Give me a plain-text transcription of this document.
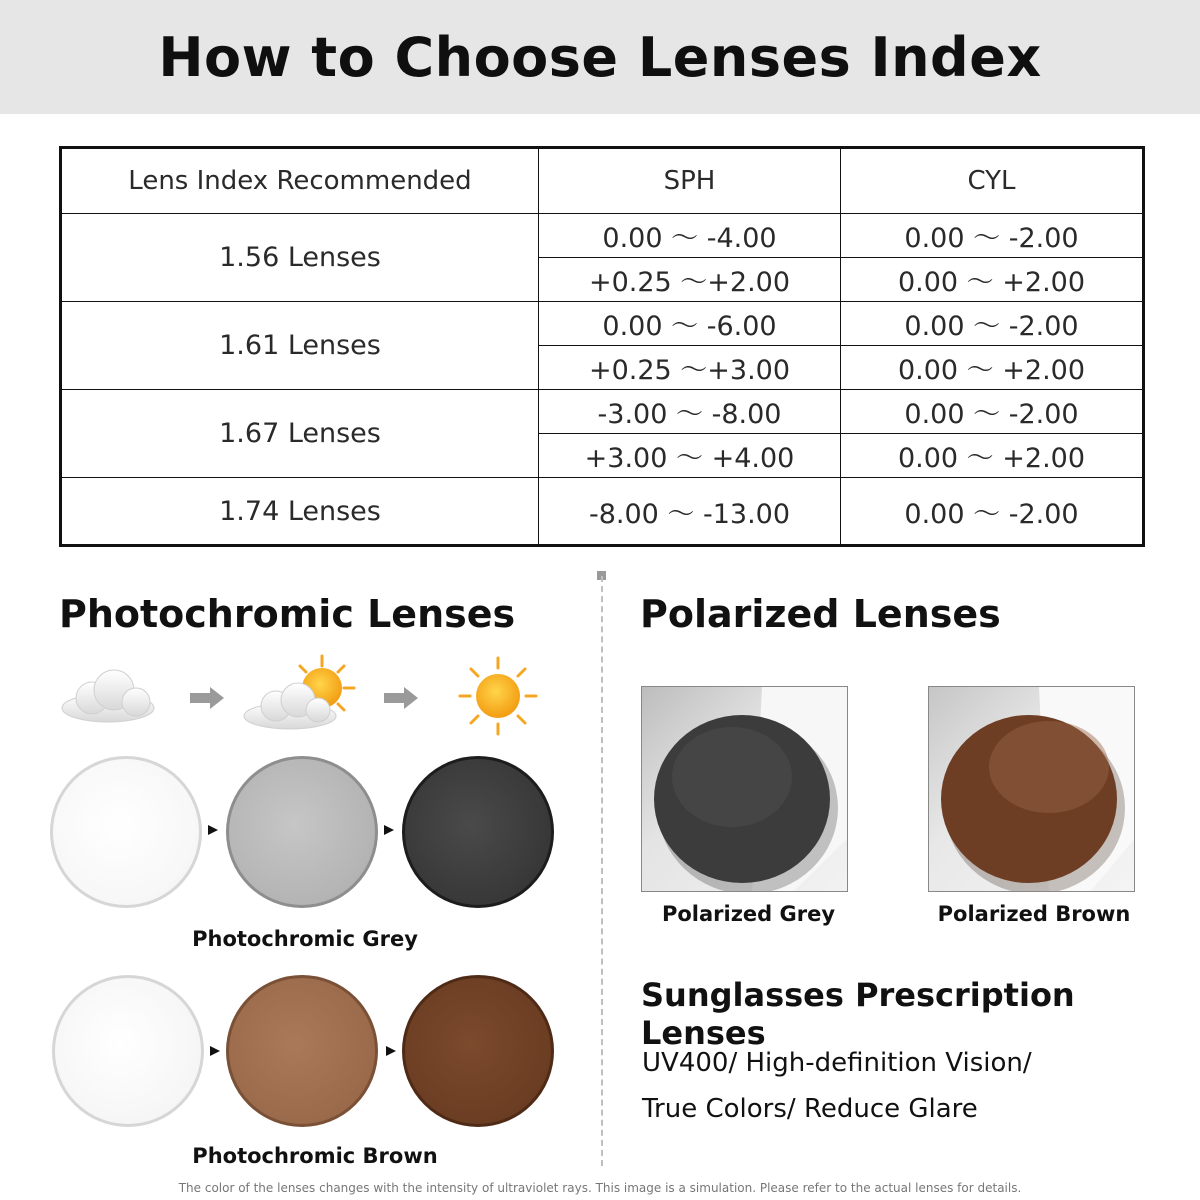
How to Choose Lenses Index
Lens Index Recommended	SPH	CYL
1.56 Lenses	0.00 ～ -4.00	0.00 ～ -2.00
	+0.25 ～+2.00	0.00 ～ +2.00
1.61 Lenses	0.00 ～ -6.00	0.00 ～ -2.00
	+0.25 ～+3.00	0.00 ～ +2.00
1.67 Lenses	-3.00 ～ -8.00	0.00 ～ -2.00
	+3.00 ～ +4.00	0.00 ～ +2.00
1.74 Lenses	-8.00 ～ -13.00	0.00 ～ -2.00
Photochromic Lenses
Photochromic Grey
Photochromic Brown
Polarized Lenses
Polarized Grey	Polarized Brown
Sunglasses Prescription Lenses
UV400/ High-definition Vision/
True Colors/ Reduce Glare
The color of the lenses changes with the intensity of ultraviolet rays. This image is a simulation. Please refer to the actual lenses for details.
